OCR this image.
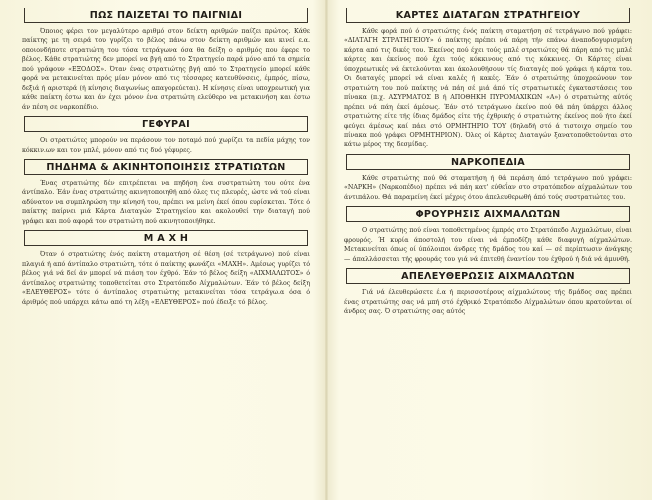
ΠΩΣ ΠΑΙΖΕΤΑΙ ΤΟ ΠΑΙΓΝΙΔΙ

Όποιος φέρει τον μεγαλύτερο αριθμό στον δείκτη αριθμών παίζει πρώτος. Κάθε παίκτης με τη σειρά του γυρίζει το βέλος πάνω στον δείκτη αριθμών και κινεί ε.α. οποιονδήποτε στρατιώτη του τόσα τετράγωνα όσα θα δείξη ο αριθμός που έφερε το βέλος. Κάθε στρατιώτης δεν μπορεί να βγή από το Στρατηγείο παρά μόνο από τα σημεία πού γράφουν «ΕΞΟΔΟΣ». Όταν ένας στρατιώτης βγή από το Στρατηγείο μπορεί κάθε φορά να μετακινείται πρός μίαν μόνον από τις τέσσαρες κατευθύνσεις, έμπρός, πίσω, δεξιά ή αριστερά (ή κίνησις διαγωνίως απαγορεύεται). Η κίνησις είναι υποχρεωτική για κάθε παίκτη έστω και άν έχει μόνον ένα στρατιώτη ελεύθερο να μετακινήση και έστω άν πέση σε ναρκοπέδιο.

ΓΕΦΥΡΑΙ

Οι στρατιώτες μπορούν να περάσουν τον ποταμό πού χωρίζει τα πεδία μάχης τον κόκκιν.ων και τον μπλέ, μόνον από τις δυό γέφυρες.

ΠΗΔΗΜΑ & ΑΚΙΝΗΤΟΠΟΙΗΣΙΣ ΣΤΡΑΤΙΩΤΩΝ

Ένας στρατιώτης δέν επιτρέπεται να πηδήση ένα συστρατιώτη του ούτε ένα άντίπαλο. Έάν ένας στρατιώτης ακινητοποιηθή από όλες τις πλευρές, ώστε νά τού είναι αδύνατον να συμπληρώση την κίνησή του, πρέπει να μείνη έκεί όπου ευρίσκεται. Τότε ό παίκτης παίρνει μιά Κάρτα Διαταγών Στρατηγείου και ακολουθεί την διαταγή πού γράφει και πού αφορά τον στρατιώτη πού ακινητοποιήθηκε.

Μ Α Χ Η

Όταν ό στρατιώτης ένός παίκτη σταματήση σέ θέση (σέ τετράγωνο) πού είναι πλαγιά ή από άντίπαλο στρατιώτη, τότε ό παίκτης φωνάζει «ΜΑΧΗ». Αμέσως γυρίζει τό βέλος γιά νά δεί άν μπορεί νά πιάση τον έχθρό. Έάν τό βέλος δείξη «ΑΙΧΜΑΛΩΤΟΣ» ό άντίπαλος στρατιώτης τοποθετείται στο Στρατόπεδο Αίχμαλώτων. Έάν τό βέλος δείξη «ΕΛΕΥΘΕΡΟΣ» τότε ό άντίπαλος στρατιώτης μετακινείται τόσα τετράγω.α όσα ό άριθμός πού υπάρχει κάτω από τη λέξη «ΕΛΕΥΘΕΡΟΣ» πού έδειξε τό βέλος.

ΚΑΡΤΕΣ ΔΙΑΤΑΓΩΝ ΣΤΡΑΤΗΓΕΙΟΥ

Κάθε φορά πού ό στρατιώτης ένός παίκτη σταματήση σέ τετράγωνο πού γράφει: «ΔΙΑΤΑΓΗ ΣΤΡΑΤΗΓΕΙΟΥ» ό παίκτης πρέπει νά πάρη τήν επάνω άναποδογυρισμένη κάρτα από τις δικές του. Έκείνος πού έχει τούς μπλέ στρατιώτες θά πάρη από τις μπλέ κάρτες και έκείνος πού έχει τούς κόκκινους από τις κόκκινες. Οι Κάρτες είναι ύποχρεωτικές νά έκτελούνται και άκολουθήσουν τίς διαταγές πού γράφει ή κάρτα του. Οι διαταγές μπορεί νά είναι καλές ή κακές. Έάν ό στρατιώτης ύποχρεώνουν τον στρατιώτη του πού παίκτης νά πάη σέ μιά άπό τίς στρατιωτικές έγκαταστάσεις του πίνακα (π.χ. ΑΣΥΡΜΑΤΟΣ Β ή ΑΠΟΘΗΚΗ ΠΥΡΟΜΑΧΙΚΩΝ «Α») ό στρατιώτης αύτός πρέπει νά πάη έκεί άμέσως. Έάν στό τετράγωνο έκείνο πού θά πάη ύπάρχει άλλος στρατιώτης είτε τής ίδιας δμάδος είτε τής έχθρικής ό στρατιώτης έκείνος πού ήτο έκεί φεύγει άμέσως καί πάει στό ΟΡΜΗΤΗΡΙΟ ΤΟΥ (δηλαδή στό ά τιστοιχο σημείο του πίνακα πού γράφει ΟΡΜΗΤΗΡΙΟΝ). Όλες οί Κάρτες Διαταγών ξανατοποθετούνται στο κάτω μέρος της δεσμίδας.

ΝΑΡΚΟΠΕΔΙΑ

Κάθε στρατιώτης πού θά σταματήση ή θά περάση άπό τετράγωνο πού γράφει: «ΝΑΡΚΗ» (Ναρκοπέδιο) πρέπει νά πάη κατ' εύθεΐαν στο στρατόπεδον αίχμαλώτων του άντιπάλου. Θά παραμείνη έκεί μέχρις ότου άπελευθερωθή άπό τούς συστρατιώτες του.

ΦΡΟΥΡΗΣΙΣ ΑΙΧΜΑΛΩΤΩΝ

Ο στρατιώτης πού είναι τοποθετημένος έμπρός στο Στρατόπεδο Αιχμαλώτων, είναι φρουρός. Ή κυρία άποστολή του είναι νά έμποδίζη κάθε διαφυγή αίχμαλώτων. Μετακινείται όπως οί ύπόλοιποι άνδρες τής δμάδος του καί — σέ περίπτωσιν άνάγκης — άπαλλάσσεται τής φρουράς του γιά νά έπιτεθή έναντίον του έχθρού ή διά νά άμυνθή.

ΑΠΕΛΕΥΘΕΡΩΣΙΣ ΑΙΧΜΑΛΩΤΩΝ

Γιά νά έλευθερώσετε έ.α ή περισσοτέρους αίχμαλώτους τής δμάδος σας πρέπει ένας στρατιώτης σας νά μπή στό έχθρικό Στρατόπεδο Αίχμαλώτων όπου κρατούνται οί άνδρες σας. Ό στρατιώτης σας αύτός
